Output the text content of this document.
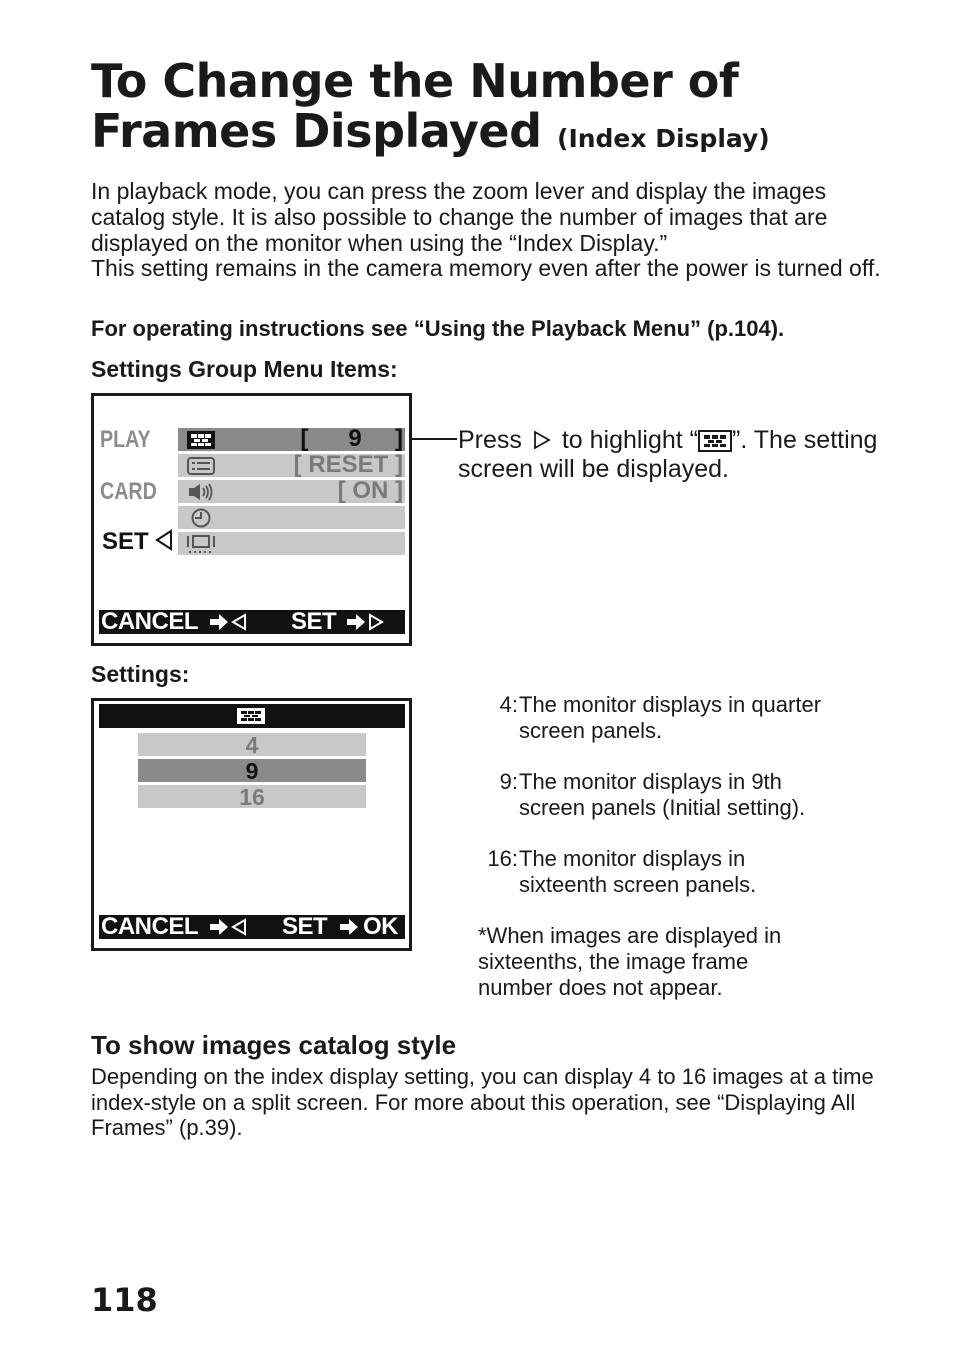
To Change the Number of
Frames Displayed (Index Display)

In playback mode, you can press the zoom lever and display the images catalog style. It is also possible to change the number of images that are displayed on the monitor when using the “Index Display.”

This setting remains in the camera memory even after the power is turned off.

For operating instructions see “Using the Playback Menu” (p.104).
Settings Group Menu Items:
PLAY
CARD
SET
[      9     ]
[ RESET ]
[ ON ]
CANCEL	SET
Press to highlight “ ”. The setting screen will be displayed.
Settings:
4
9
16
CANCEL	SET OK
4: The monitor displays in quarter screen panels.
9: The monitor displays in 9th screen panels (Initial setting).
16: The monitor displays in sixteenth screen panels.
*When images are displayed in sixteenths, the image frame number does not appear.
To show images catalog style
Depending on the index display setting, you can display 4 to 16 images at a time index-style on a split screen. For more about this operation, see “Displaying All Frames” (p.39).
118
